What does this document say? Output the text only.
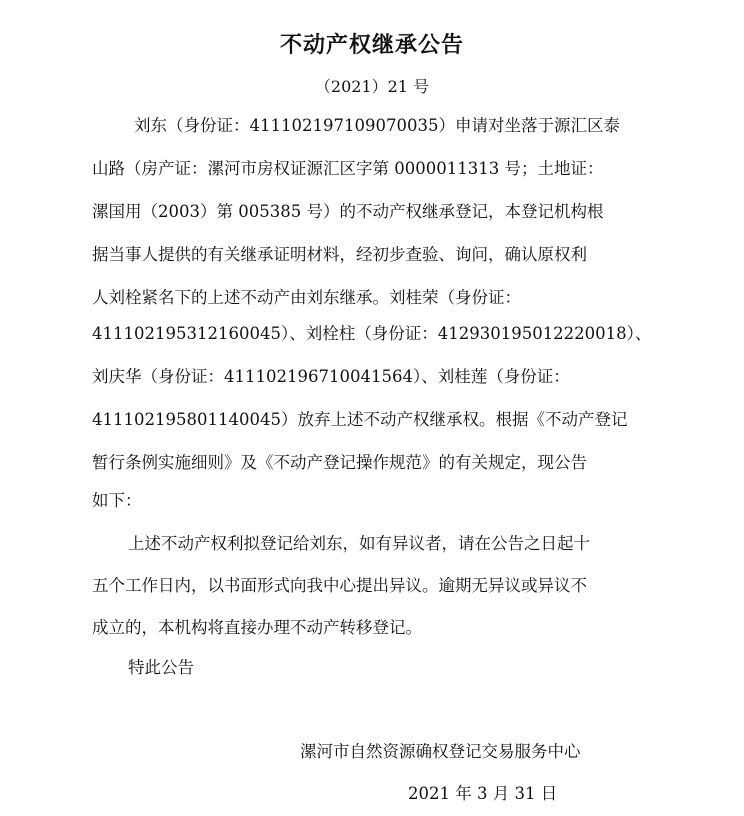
不动产权继承公告
（2021）21 号
刘东（身份证：411102197109070035）申请对坐落于源汇区泰
山路（房产证：漯河市房权证源汇区字第 0000011313 号；土地证：
漯国用（2003）第 005385 号）的不动产权继承登记，本登记机构根
据当事人提供的有关继承证明材料，经初步查验、询问，确认原权利
人刘栓紧名下的上述不动产由刘东继承。刘桂荣（身份证：
411102195312160045）、刘栓柱（身份证：412930195012220018）、
刘庆华（身份证：411102196710041564）、刘桂莲（身份证：
411102195801140045）放弃上述不动产权继承权。根据《不动产登记
暂行条例实施细则》及《不动产登记操作规范》的有关规定，现公告
如下：
上述不动产权利拟登记给刘东，如有异议者，请在公告之日起十
五个工作日内，以书面形式向我中心提出异议。逾期无异议或异议不
成立的，本机构将直接办理不动产转移登记。
特此公告
漯河市自然资源确权登记交易服务中心
2021 年 3 月 31 日
